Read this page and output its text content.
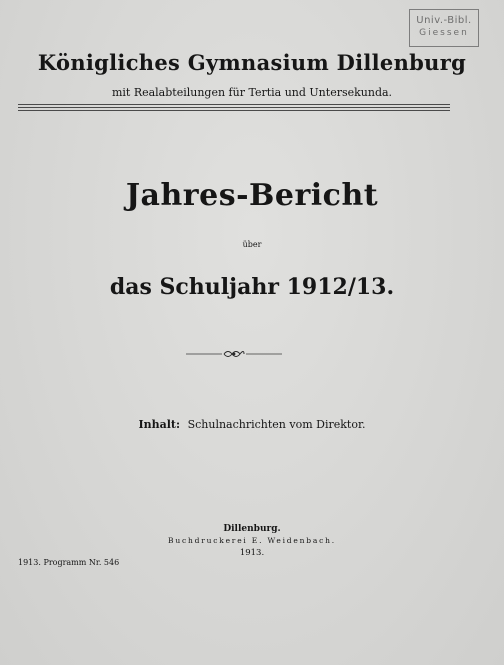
Univ.-Bibl.
Giessen
Königliches Gymnasium Dillenburg
mit Realabteilungen für Tertia und Untersekunda.
Jahres-Bericht
über
das Schuljahr 1912/13.
Inhalt: Schulnachrichten vom Direktor.
Dillenburg.
Buchdruckerei E. Weidenbach.
1913.
1913. Programm Nr. 546
